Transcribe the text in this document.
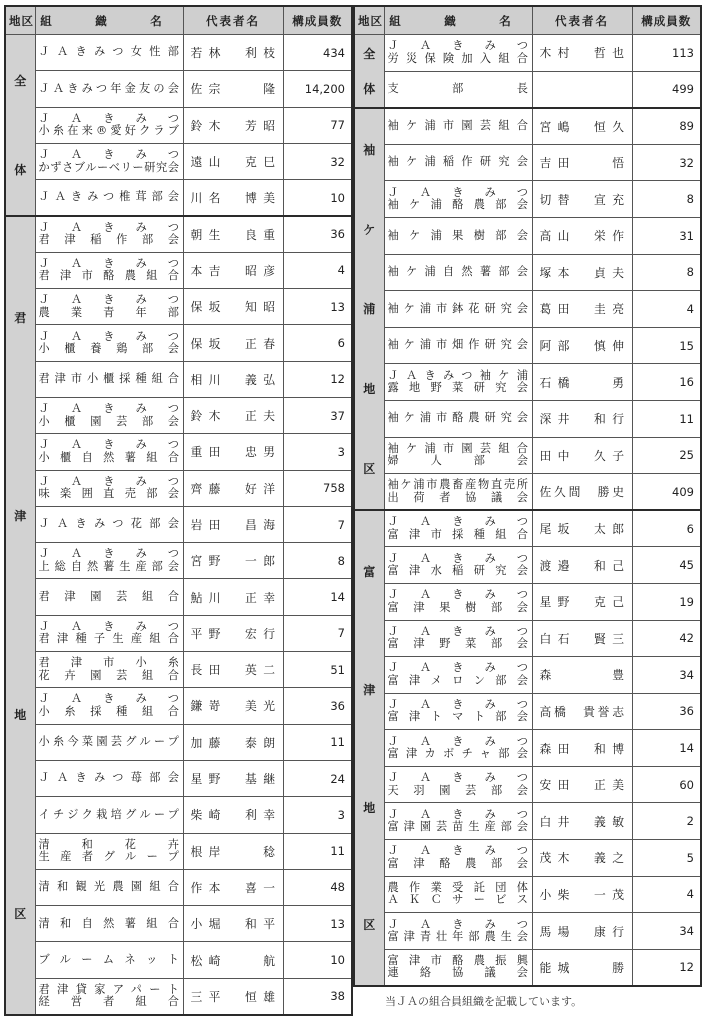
地区	組　織　名	代表者名	構成員数

全
体	ＪＡきみつ女性部	若林　利枝	434

	ＪＡきみつ年金友の会	佐宗　　隆	14,200

	ＪＡきみつ
小糸在来®愛好クラブ	鈴木　芳昭	77

	ＪＡきみつ
かずさブルーベリー研究会	遠山　克巳	32

	ＪＡきみつ椎茸部会	川名　博美	10

君
津
地
区	ＪＡきみつ
君津稲作部会	朝生　良重	36

	ＪＡきみつ
君津市酪農組合	本吉　昭彦	4

	ＪＡきみつ
農業青年部	保坂　知昭	13

	ＪＡきみつ
小櫃養鶏部会	保坂　正春	6

	君津市小櫃採種組合	相川　義弘	12

	ＪＡきみつ
小櫃園芸部会	鈴木　正夫	37

	ＪＡきみつ
小櫃自然薯組合	重田　忠男	3

	ＪＡきみつ
味楽囲直売部会	齊藤　好洋	758

	ＪＡきみつ花部会	岩田　昌海	7

	ＪＡきみつ
上総自然薯生産部会	宮野　一郎	8

	君津園芸組合	鮎川　正幸	14

	ＪＡきみつ
君津種子生産組合	平野　宏行	7

	君津市小糸
花卉園芸組合	長田　英二	51

	ＪＡきみつ
小糸採種組合	鎌嵜　美光	36

	小糸今菜園芸グループ	加藤　泰朗	11

	ＪＡきみつ苺部会	星野　基継	24

	イチジク栽培グループ	柴崎　利幸	3

	清和花卉
生産者グループ	根岸　　稔	11

	清和観光農園組合	作本　喜一	48

	清和自然薯組合	小堀　和平	13

	ブルームネット	松崎　　航	10

	君津貸家アパート
経営者組合	三平　恒雄	38
地区	組　織　名	代表者名	構成員数

全
体	ＪＡきみつ
労災保険加入組合	木村　哲也	113

	支部長		499

袖
ケ
浦
地
区	袖ケ浦市園芸組合	宮嶋　恒久	89

	袖ケ浦稲作研究会	吉田　　悟	32

	ＪＡきみつ
袖ケ浦酪農部会	切替　宣充	8

	袖ケ浦果樹部会	高山　栄作	31

	袖ケ浦自然薯部会	塚本　貞夫	8

	袖ケ浦市鉢花研究会	葛田　圭亮	4

	袖ケ浦市畑作研究会	阿部　慎伸	15

	ＪＡきみつ袖ケ浦
露地野菜研究会	石橋　　勇	16

	袖ケ浦市酪農研究会	深井　和行	11

	袖ケ浦市園芸組合
婦人部会	田中　久子	25

	袖ケ浦市農畜産物直売所
出荷者協議会	佐久間　勝史	409

富
津
地
区	ＪＡきみつ
富津市採種組合	尾坂　太郎	6

	ＪＡきみつ
富津水稲研究会	渡邉　和己	45

	ＪＡきみつ
富津果樹部会	星野　克己	19

	ＪＡきみつ
富津野菜部会	白石　賢三	42

	ＪＡきみつ
富津メロン部会	森　　豊	34

	ＪＡきみつ
富津トマト部会	高橋　貴誉志	36

	ＪＡきみつ
富津カボチャ部会	森田　和博	14

	ＪＡきみつ
天羽園芸部会	安田　正美	60

	ＪＡきみつ
富津園芸苗生産部会	白井　義敏	2

	ＪＡきみつ
富津酪農部会	茂木　義之	5

	農作業受託団体
ＡＫＣサービス	小柴　一茂	4

	ＪＡきみつ
富津青壮年部農生会	馬場　康行	34

	富津市酪農振興
連絡協議会	能城　　勝	12
当ＪＡの組合員組織を記載しています。
